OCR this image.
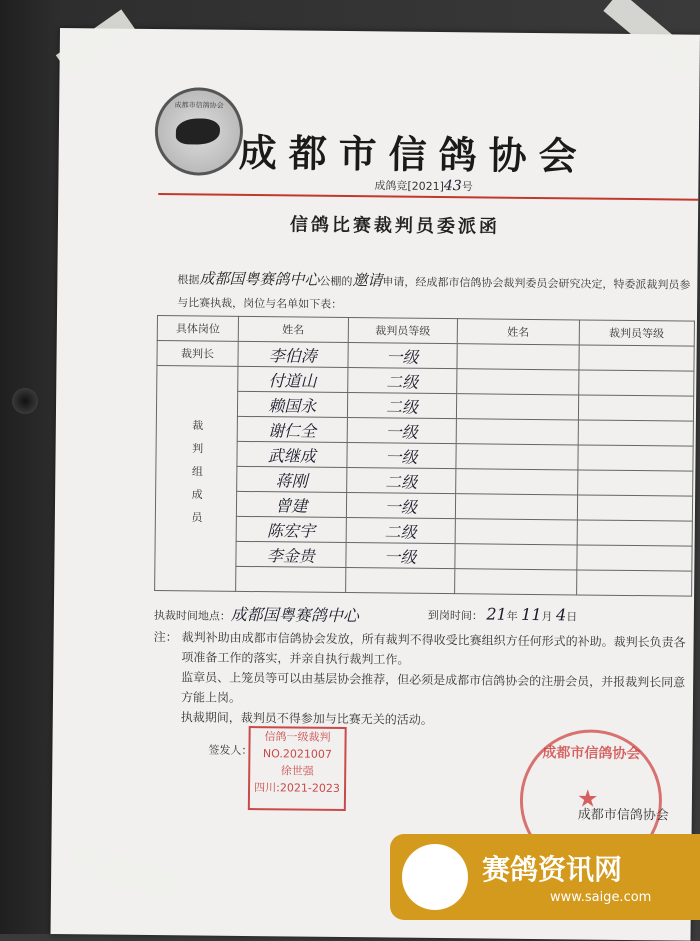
成都市信鸽协会
成都市信鸽协会
成鸽竞[2021]43号
信鸽比赛裁判员委派函
根据成都国粤赛鸽中心公棚的邀请申请，经成都市信鸽协会裁判委员会研究决定，特委派裁判员参与比赛执裁，岗位与名单如下表：
具体岗位	姓名	裁判员等级	姓名	裁判员等级
裁判长	李伯涛	一级		
裁判组成员	付道山	二级		
	赖国永	二级		
	谢仁全	一级		
	武继成	一级		
	蒋刚	二级		
	曾建	一级		
	陈宏宇	二级		
	李金贵	一级		

执裁时间地点：成都国粤赛鸽中心	到岗时间： 21年 11月 4日
注： 裁判补助由成都市信鸽协会发放，所有裁判不得收受比赛组织方任何形式的补助。裁判长负责各项准备工作的落实，并亲自执行裁判工作。
监章员、上笼员等可以由基层协会推荐，但必须是成都市信鸽协会的注册会员，并报裁判长同意方能上岗。
执裁期间，裁判员不得参加与比赛无关的活动。
签发人：
信鸽一级裁判
NO.2021007
徐世强
四川:2021-2023
成都市信鸽协会
★
成都市信鸽协会
赛鸽资讯网
www.saige.com
